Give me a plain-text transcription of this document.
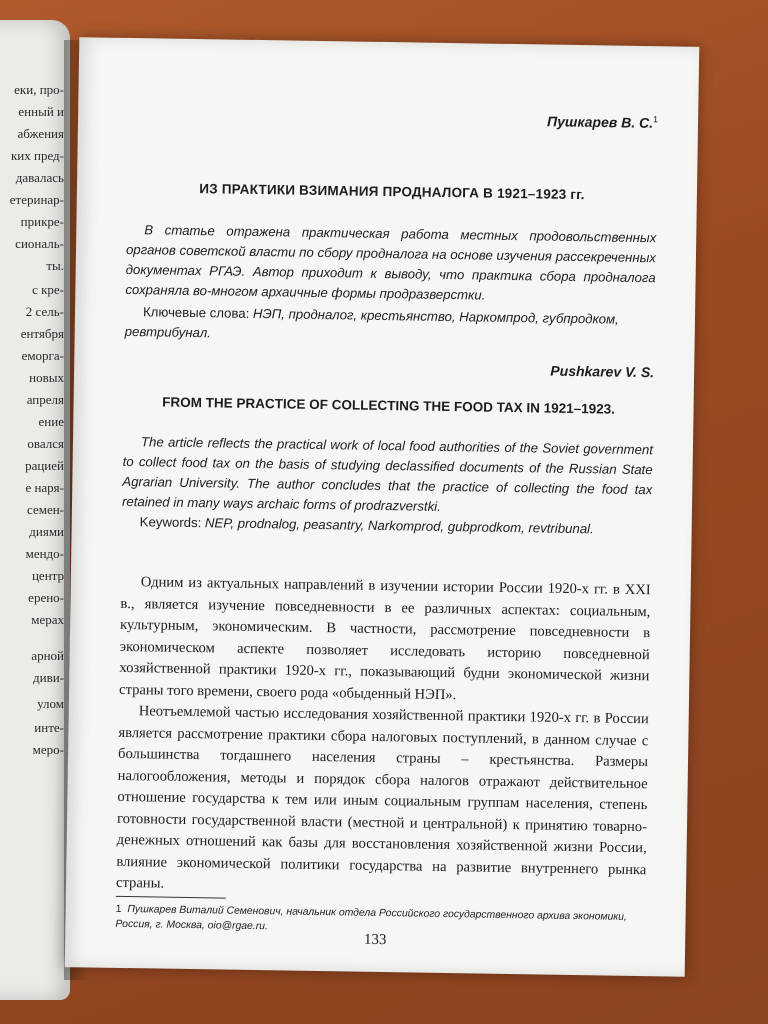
еки, про-
енный и
абжения
ких пред-
давалась
етеринар-
прикре-
сиональ-
ты.
с кре-
2 сель-
ентября
еморга-
новых
апреля
ение
овался
рацией
е наря-
семен-
диями
мендо-
центр
ерено-
мерах
арной
диви-
улом
инте-
меро-
Пушкарев В. С.$^1$
ИЗ ПРАКТИКИ ВЗИМАНИЯ ПРОДНАЛОГА В 1921–1923 гг.
В статье отражена практическая работа местных продовольственных органов советской власти по сбору продналога на основе изучения рассекреченных документах РГАЭ. Автор приходит к выводу, что практика сбора продналога сохраняла во-многом архаичные формы продразверстки.
Ключевые слова: НЭП, продналог, крестьянство, Наркомпрод, губпродком, ревтрибунал.
Pushkarev V. S.
FROM THE PRACTICE OF COLLECTING THE FOOD TAX IN 1921–1923.
The article reflects the practical work of local food authorities of the Soviet government to collect food tax on the basis of studying declassified documents of the Russian State Agrarian University. The author concludes that the practice of collecting the food tax retained in many ways archaic forms of prodrazverstki.
Keywords: NEP, prodnalog, peasantry, Narkomprod, gubprodkom, revtribunal.

Одним из актуальных направлений в изучении истории России 1920-х гг. в XXI в., является изучение повседневности в ее различных аспектах: социальным, культурным, экономическим. В частности, рассмотрение повседневности в экономическом аспекте позволяет исследовать историю повседневной хозяйственной практики 1920-х гг., показывающий будни экономической жизни страны того времени, своего рода «обыденный НЭП».

Неотъемлемой частью исследования хозяйственной практики 1920-х гг. в России является рассмотрение практики сбора налоговых поступлений, в данном случае с большинства тогдашнего населения страны – крестьянства. Размеры налогообложения, методы и порядок сбора налогов отражают действительное отношение государства к тем или иным социальным группам населения, степень готовности государственной власти (местной и центральной) к принятию товарно-денежных отношений как базы для восстановления хозяйственной жизни России, влияние экономической политики государства на развитие внутреннего рынка страны.

1 Пушкарев Виталий Семенович, начальник отдела Российского государственного архива экономики, Россия, г. Москва, oio@rgae.ru.
133
